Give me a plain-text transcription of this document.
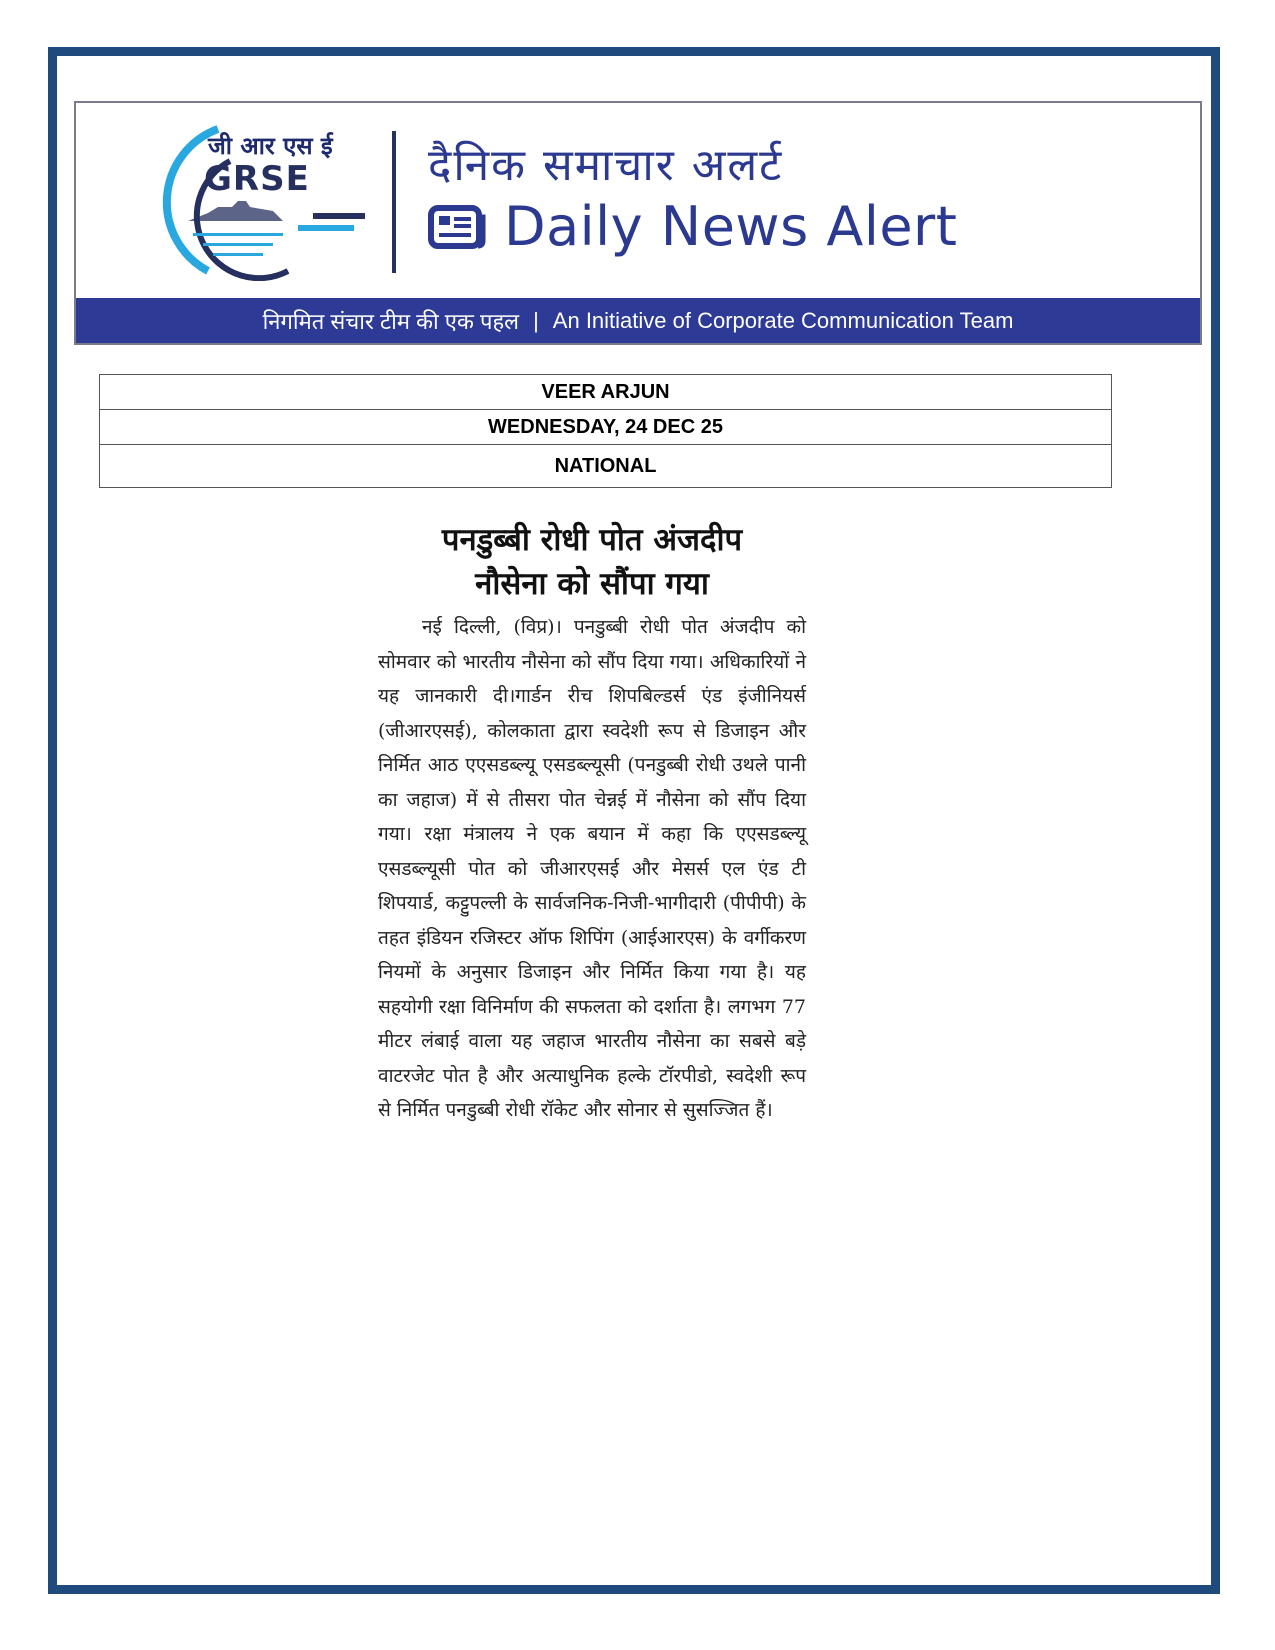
जी आर एस ई
GRSE	दैनिक समाचार अलर्ट
Daily News Alert
निगमित संचार टीम की एक पहल | An Initiative of Corporate Communication Team
VEER ARJUN
WEDNESDAY, 24 DEC 25
NATIONAL
पनडुब्बी रोधी पोत अंजदीप
नौसेना को सौंपा गया

नई दिल्ली, (विप्र)। पनडुब्बी रोधी पोत अंजदीप को सोमवार को भारतीय नौसेना को सौंप दिया गया। अधिकारियों ने यह जानकारी दी।गार्डन रीच शिपबिल्डर्स एंड इंजीनियर्स (जीआरएसई), कोलकाता द्वारा स्वदेशी रूप से डिजाइन और निर्मित आठ एएसडब्ल्यू एसडब्ल्यूसी (पनडुब्बी रोधी उथले पानी का जहाज) में से तीसरा पोत चेन्नई में नौसेना को सौंप दिया गया। रक्षा मंत्रालय ने एक बयान में कहा कि एएसडब्ल्यू एसडब्ल्यूसी पोत को जीआरएसई और मेसर्स एल एंड टी शिपयार्ड, कट्टुपल्ली के सार्वजनिक-निजी-भागीदारी (पीपीपी) के तहत इंडियन रजिस्टर ऑफ शिपिंग (आईआरएस) के वर्गीकरण नियमों के अनुसार डिजाइन और निर्मित किया गया है। यह सहयोगी रक्षा विनिर्माण की सफलता को दर्शाता है। लगभग 77 मीटर लंबाई वाला यह जहाज भारतीय नौसेना का सबसे बड़े वाटरजेट पोत है और अत्याधुनिक हल्के टॉरपीडो, स्वदेशी रूप से निर्मित पनडुब्बी रोधी रॉकेट और सोनार से सुसज्जित हैं।
